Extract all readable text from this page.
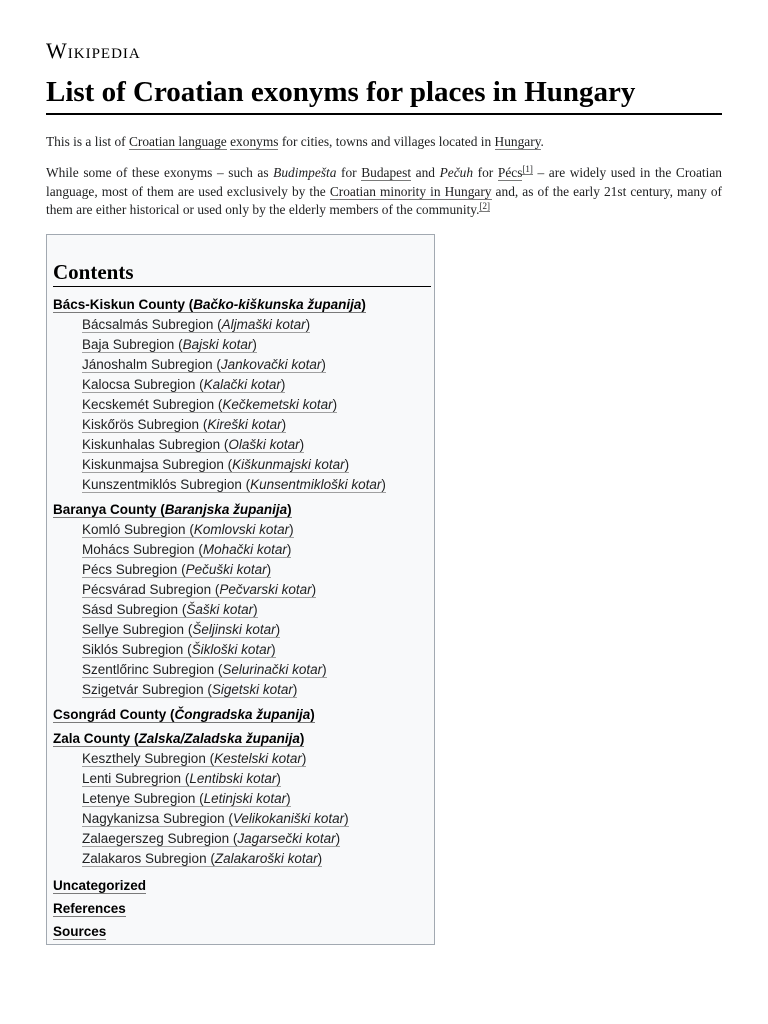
Wikipedia
List of Croatian exonyms for places in Hungary

This is a list of Croatian language exonyms for cities, towns and villages located in Hungary.

While some of these exonyms – such as Budimpešta for Budapest and Pečuh for Pécs[1] – are widely used in the Croatian language, most of them are used exclusively by the Croatian minority in Hungary and, as of the early 21st century, many of them are either historical or used only by the elderly members of the community.[2]

Contents
Bács-Kiskun County (Bačko-kiškunska županija)
Bácsalmás Subregion (Aljmaški kotar)
Baja Subregion (Bajski kotar)
Jánoshalm Subregion (Jankovački kotar)
Kalocsa Subregion (Kalački kotar)
Kecskemét Subregion (Kečkemetski kotar)
Kiskőrös Subregion (Kireški kotar)
Kiskunhalas Subregion (Olaški kotar)
Kiskunmajsa Subregion (Kiškunmajski kotar)
Kunszentmiklós Subregion (Kunsentmikloški kotar)
Baranya County (Baranjska županija)
Komló Subregion (Komlovski kotar)
Mohács Subregion (Mohački kotar)
Pécs Subregion (Pečuški kotar)
Pécsvárad Subregion (Pečvarski kotar)
Sásd Subregion (Šaški kotar)
Sellye Subregion (Šeljinski kotar)
Siklós Subregion (Šikloški kotar)
Szentlőrinc Subregion (Selurinački kotar)
Szigetvár Subregion (Sigetski kotar)
Csongrád County (Čongradska županija)
Zala County (Zalska/Zaladska županija)
Keszthely Subregion (Kestelski kotar)
Lenti Subregrion (Lentibski kotar)
Letenye Subregion (Letinjski kotar)
Nagykanizsa Subregion (Velikokaniški kotar)
Zalaegerszeg Subregion (Jagarsečki kotar)
Zalakaros Subregion (Zalakaroški kotar)
Uncategorized
References
Sources
